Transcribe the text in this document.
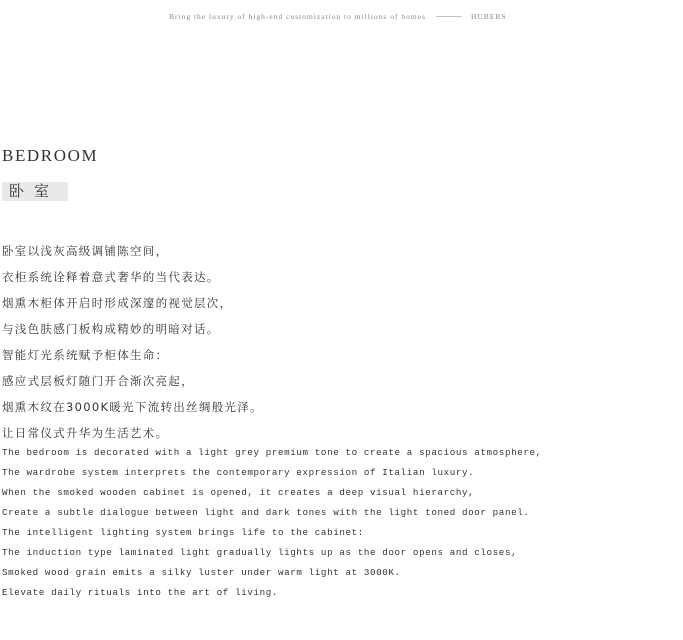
Bring the luxury of high-end customization to millions of homes	HUBERS
BEDROOM
卧室
卧室以浅灰高级调铺陈空间，
衣柜系统诠释着意式奢华的当代表达。
烟熏木柜体开启时形成深邃的视觉层次，
与浅色肤感门板构成精妙的明暗对话。
智能灯光系统赋予柜体生命：
感应式层板灯随门开合渐次亮起，
烟熏木纹在3000K暖光下流转出丝绸般光泽。
让日常仪式升华为生活艺术。
The bedroom is decorated with a light grey premium tone to create a spacious atmosphere,
The wardrobe system interprets the contemporary expression of Italian luxury.
When the smoked wooden cabinet is opened, it creates a deep visual hierarchy,
Create a subtle dialogue between light and dark tones with the light toned door panel.
The intelligent lighting system brings life to the cabinet:
The induction type laminated light gradually lights up as the door opens and closes,
Smoked wood grain emits a silky luster under warm light at 3000K.
Elevate daily rituals into the art of living.
